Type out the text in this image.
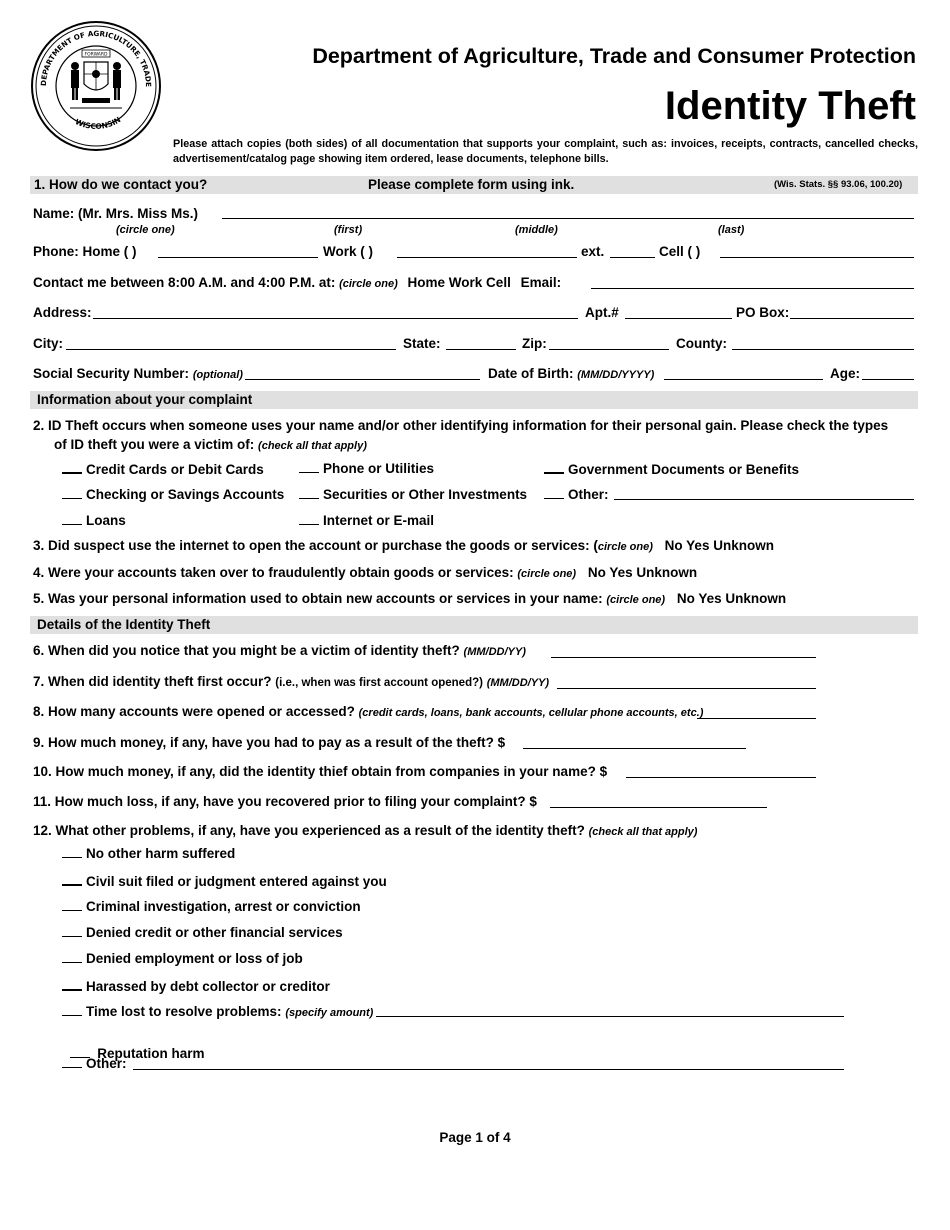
DEPARTMENT OF AGRICULTURE, TRADE
WISCONSIN
FORWARD	Department of Agriculture, Trade and Consumer Protection
Identity Theft
Please attach copies (both sides) of all documentation that supports your complaint, such as: invoices, receipts, contracts, cancelled checks, advertisement/catalog page showing item ordered, lease documents, telephone bills.
1. How do we contact you?	Please complete form using ink.	(Wis. Stats. §§ 93.06, 100.20)
Name: (Mr. Mrs. Miss Ms.)
(circle one)	(first)	(middle)	(last)
Phone: Home ( )	Work ( )	ext.	Cell ( )
Contact me between 8:00 A.M. and 4:00 P.M. at: (circle one) Home Work Cell Email:
Address:	Apt.#	PO Box:
City:	State:	Zip:	County:
Social Security Number: (optional)	Date of Birth: (MM/DD/YYYY)	Age:
Information about your complaint
2. ID Theft occurs when someone uses your name and/or other identifying information for their personal gain. Please check the types
of ID theft you were a victim of: (check all that apply)
Credit Cards or Debit Cards	Phone or Utilities	Government Documents or Benefits
Checking or Savings Accounts	Securities or Other Investments	Other:
Loans	Internet or E-mail
3. Did suspect use the internet to open the account or purchase the goods or services: (circle one) No Yes Unknown
4. Were your accounts taken over to fraudulently obtain goods or services: (circle one) No Yes Unknown
5. Was your personal information used to obtain new accounts or services in your name: (circle one) No Yes Unknown
Details of the Identity Theft
6. When did you notice that you might be a victim of identity theft? (MM/DD/YY)
7. When did identity theft first occur? (i.e., when was first account opened?) (MM/DD/YY)
8. How many accounts were opened or accessed? (credit cards, loans, bank accounts, cellular phone accounts, etc.)
9. How much money, if any, have you had to pay as a result of the theft? $
10. How much money, if any, did the identity thief obtain from companies in your name? $
11. How much loss, if any, have you recovered prior to filing your complaint? $
12. What other problems, if any, have you experienced as a result of the identity theft? (check all that apply)
No other harm suffered
Civil suit filed or judgment entered against you
Criminal investigation, arrest or conviction
Denied credit or other financial services
Denied employment or loss of job
Harassed by debt collector or creditor
Time lost to resolve problems: (specify amount)

Reputation harm

Other:
Page 1 of 4
